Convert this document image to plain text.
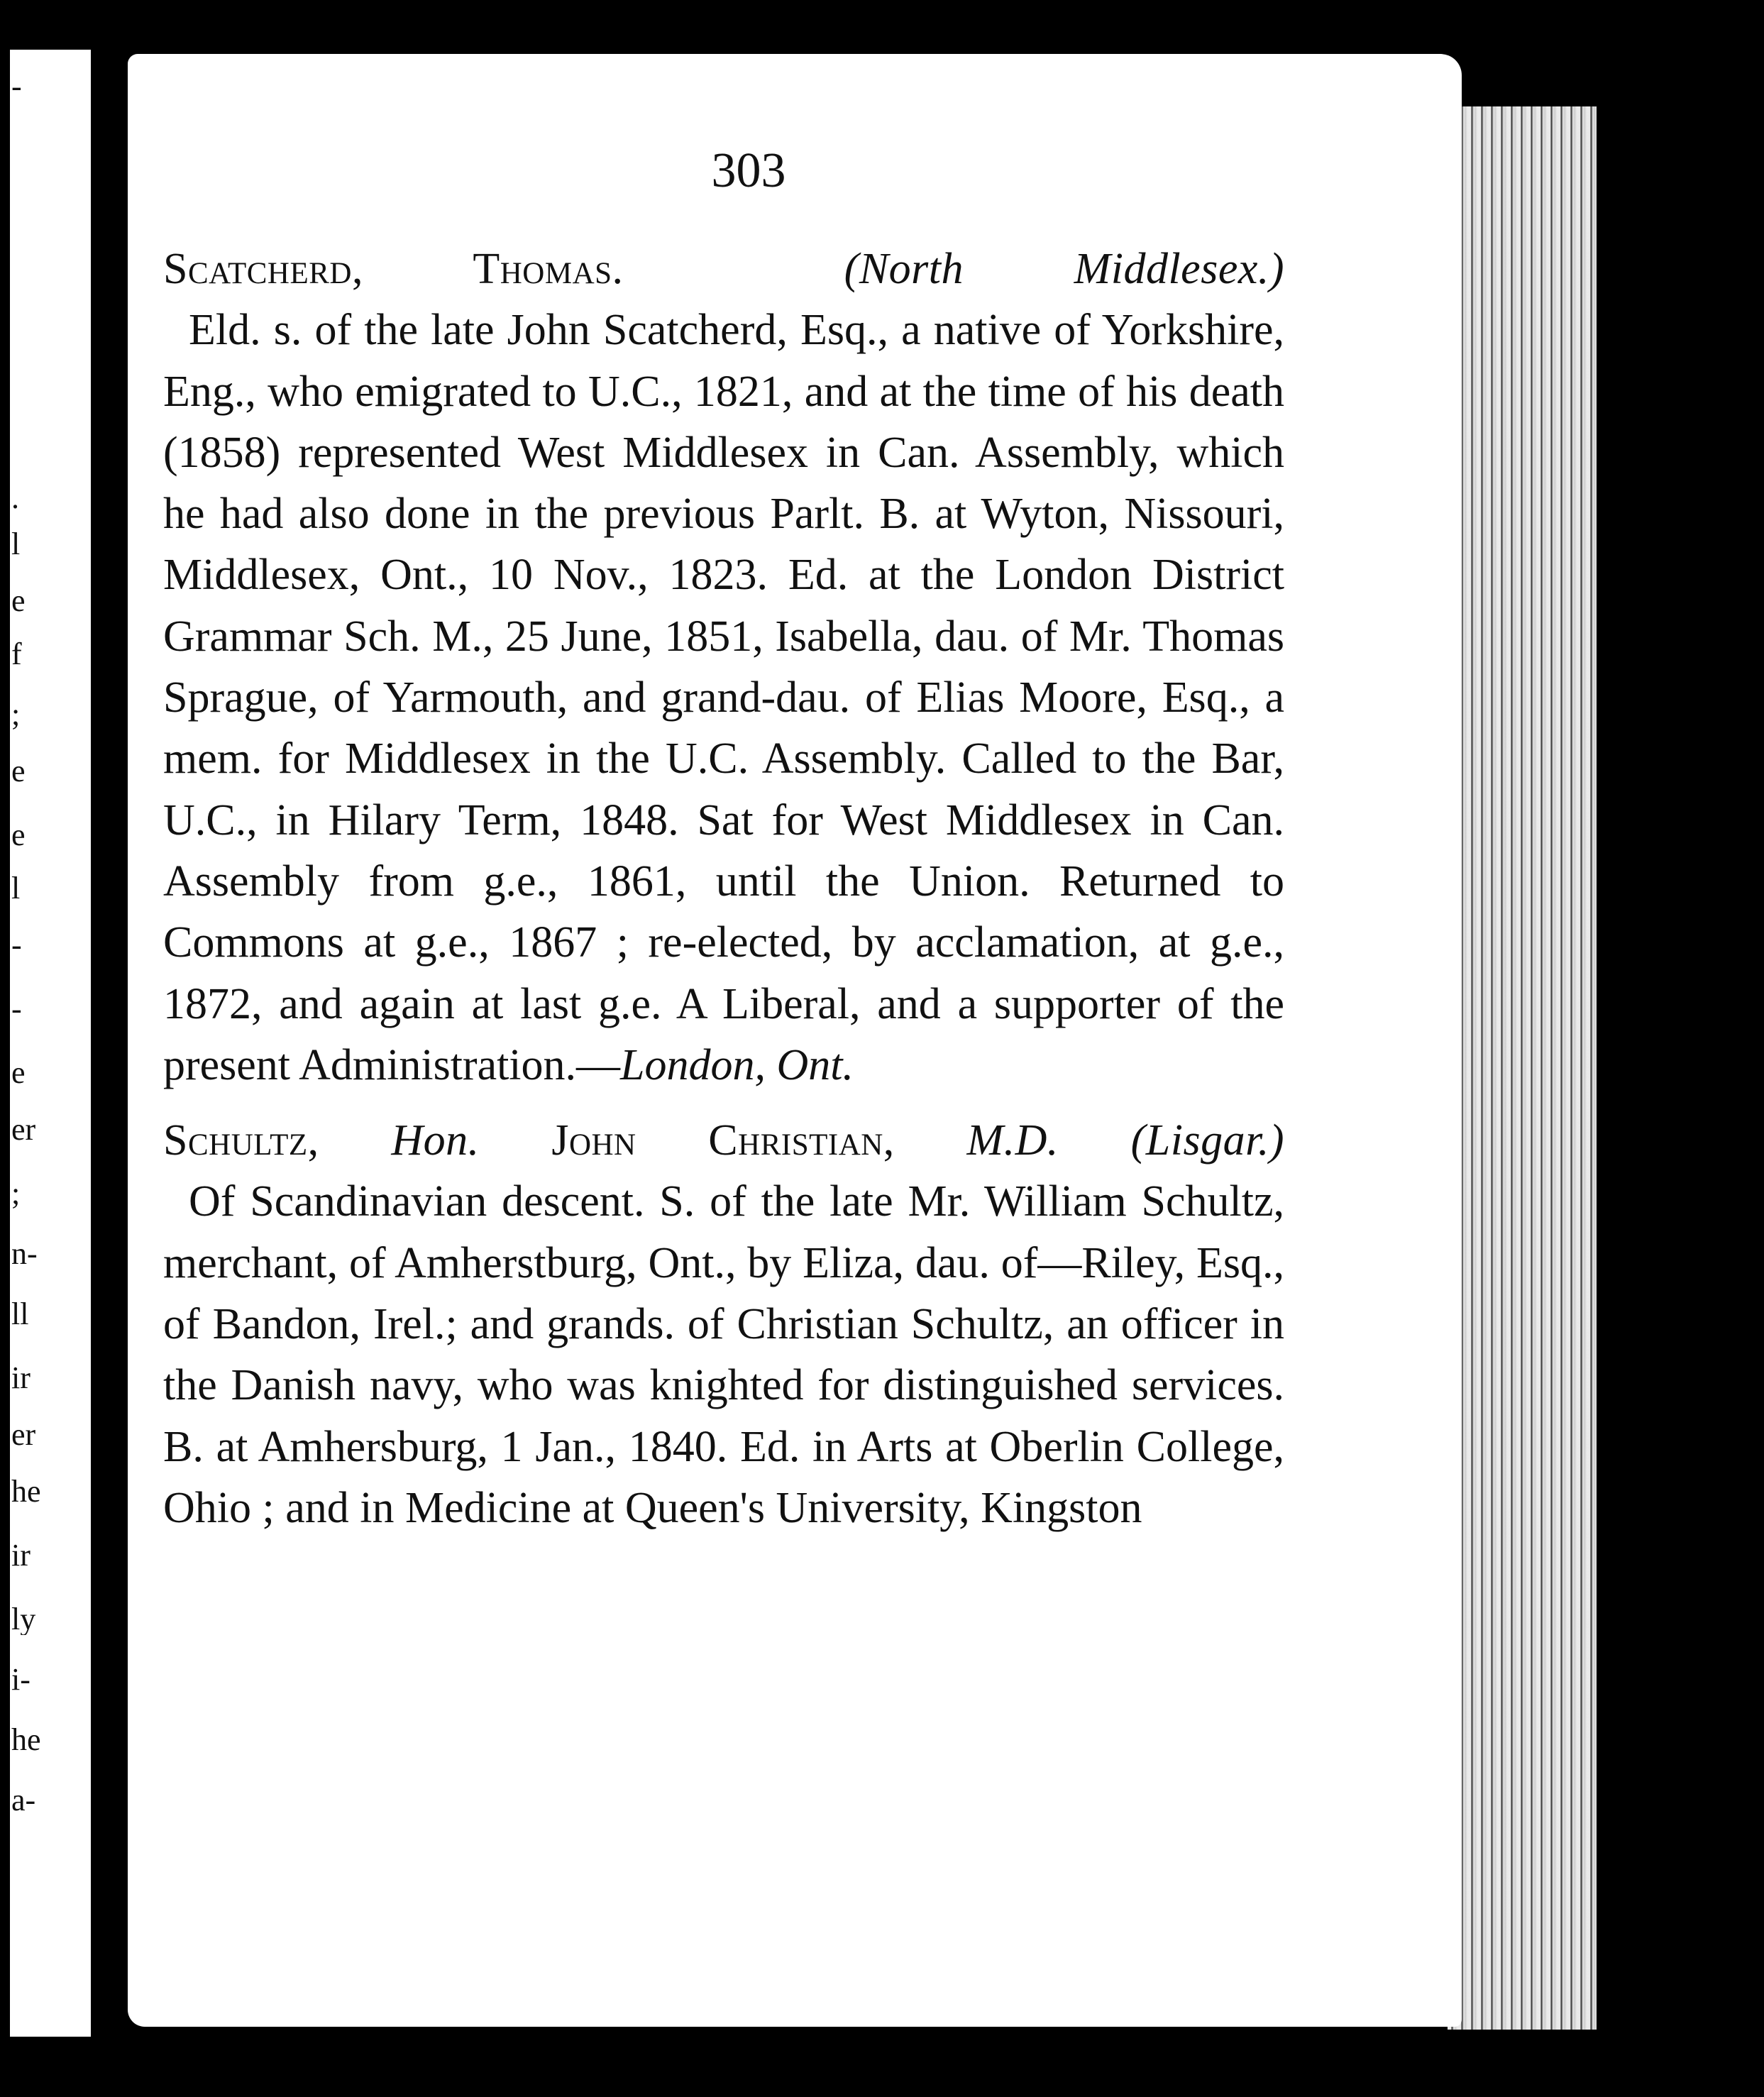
-
.
l
e
f
;
e
e
l
-
-
e
er
;
n-
ll
ir
er
he
ir
ly
i-
he
a-
303
Scatcherd, Thomas.	(North Middlesex.)

Eld. s. of the late John Scatcherd, Esq., a native of Yorkshire, Eng., who emigrated to U.C., 1821, and at the time of his death (1858) represented West Middlesex in Can. Assembly, which he had also done in the previous Parlt. B. at Wyton, Nissouri, Middlesex, Ont., 10 Nov., 1823. Ed. at the London District Grammar Sch. M., 25 June, 1851, Isabella, dau. of Mr. Thomas Sprague, of Yarmouth, and grand-dau. of Elias Moore, Esq., a mem. for Middlesex in the U.C. Assembly. Called to the Bar, U.C., in Hilary Term, 1848. Sat for West Middlesex in Can. Assembly from g.e., 1861, until the Union. Returned to Commons at g.e., 1867 ; re-elected, by acclamation, at g.e., 1872, and again at last g.e. A Liberal, and a supporter of the present Administration.—London, Ont.

Schultz, Hon. John Christian, M.D. (Lisgar.)

Of Scandinavian descent. S. of the late Mr. William Schultz, merchant, of Amherstburg, Ont., by Eliza, dau. of—Riley, Esq., of Bandon, Irel.; and grands. of Christian Schultz, an officer in the Danish navy, who was knighted for distinguished services. B. at Amhersburg, 1 Jan., 1840. Ed. in Arts at Oberlin College, Ohio ; and in Medicine at Queen's University, Kingston
